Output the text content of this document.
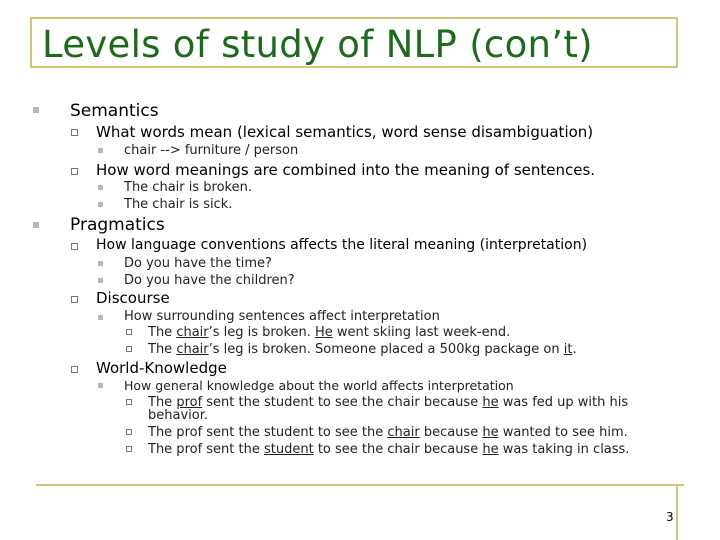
Levels of study of NLP (con’t)
Semantics
What words mean (lexical semantics, word sense disambiguation)
chair --> furniture / person
How word meanings are combined into the meaning of sentences.
The chair is broken.
The chair is sick.
Pragmatics
How language conventions affects the literal meaning (interpretation)
Do you have the time?
Do you have the children?
Discourse
How surrounding sentences affect interpretation
The chair’s leg is broken. He went skiing last week-end.
The chair’s leg is broken. Someone placed a 500kg package on it.
World-Knowledge
How general knowledge about the world affects interpretation
The prof sent the student to see the chair because he was fed up with his
behavior.
The prof sent the student to see the chair because he wanted to see him.
The prof sent the student to see the chair because he was taking in class.
3
